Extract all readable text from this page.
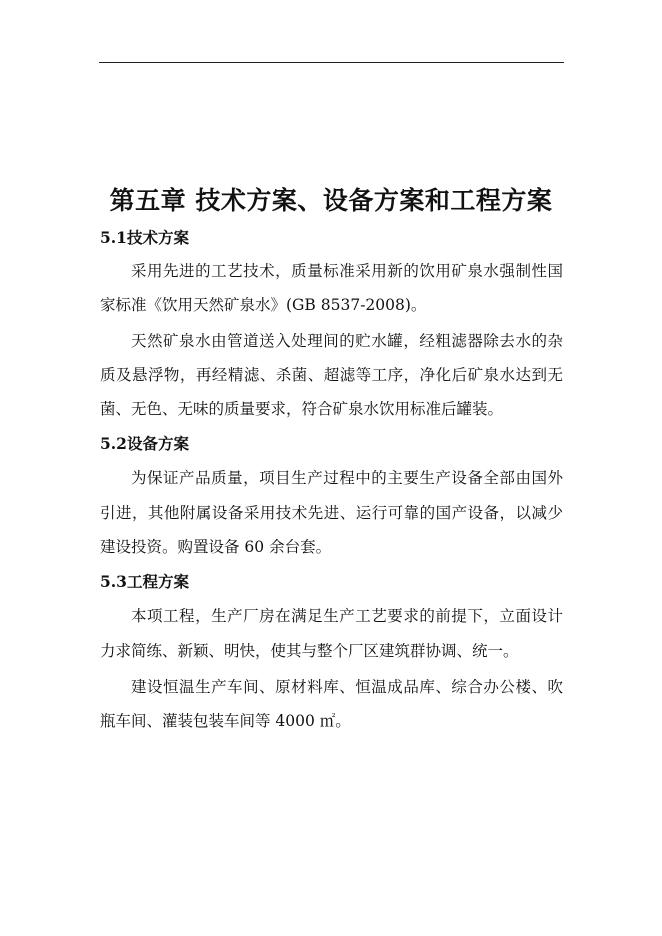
第五章 技术方案、设备方案和工程方案
5.1技术方案

采用先进的工艺技术，质量标准采用新的饮用矿泉水强制性国

家标准《饮用天然矿泉水》(GB 8537-2008)。

天然矿泉水由管道送入处理间的贮水罐，经粗滤器除去水的杂

质及悬浮物，再经精滤、杀菌、超滤等工序，净化后矿泉水达到无

菌、无色、无味的质量要求，符合矿泉水饮用标准后罐装。

5.2设备方案

为保证产品质量，项目生产过程中的主要生产设备全部由国外

引进，其他附属设备采用技术先进、运行可靠的国产设备，以减少

建设投资。购置设备 60 余台套。

5.3工程方案

本项工程，生产厂房在满足生产工艺要求的前提下，立面设计

力求简练、新颖、明快，使其与整个厂区建筑群协调、统一。

建设恒温生产车间、原材料库、恒温成品库、综合办公楼、吹

瓶车间、灌装包装车间等 4000 ㎡。
